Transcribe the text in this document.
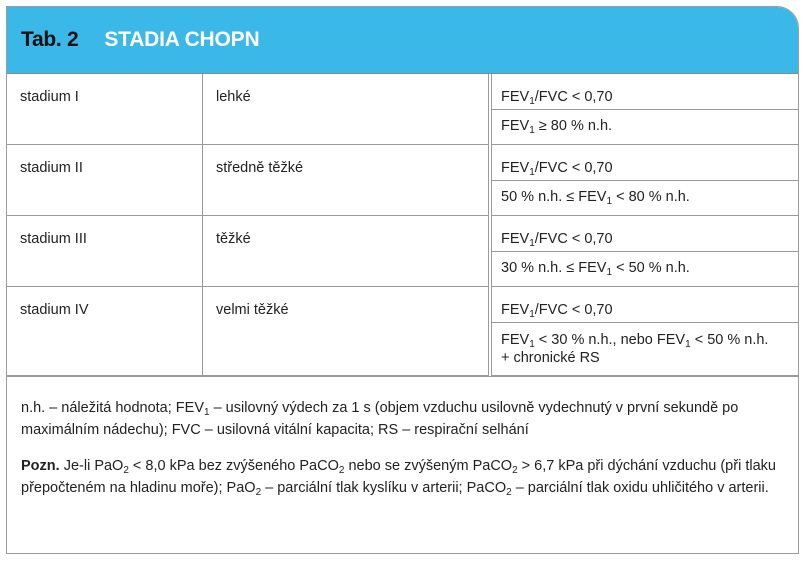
Tab. 2 STADIA CHOPN
stadium I	lehké	$FEV_1$/FVC < 0,70
$FEV_1 \ge 80$ % n.h.

stadium II	středně těžké	$FEV_1$/FVC < 0,70
50 % n.h. ≤ $FEV_1 < 80$ % n.h.

stadium III	těžké	$FEV_1$/FVC < 0,70
30 % n.h. ≤ $FEV_1 < 50$ % n.h.

stadium IV	velmi těžké	$FEV_1$/FVC < 0,70
$FEV_1 < 30$ % n.h., nebo $FEV_1 < 50$ % n.h.
+ chronické RS

n.h. – náležitá hodnota; $FEV_1$ – usilovný výdech za 1 s (objem vzduchu usilovně vydechnutý v první sekundě po maximálním nádechu); FVC – usilovná vitální kapacita; RS – respirační selhání

Pozn. Je-li PaO$_2$ < 8,0 kPa bez zvýšeného PaCO$_2$ nebo se zvýšeným PaCO$_2$ > 6,7 kPa při dýchání vzduchu (při tlaku přepočteném na hladinu moře); PaO$_2$ – parciální tlak kyslíku v arterii; PaCO$_2$ – parciální tlak oxidu uhličitého v arterii.
